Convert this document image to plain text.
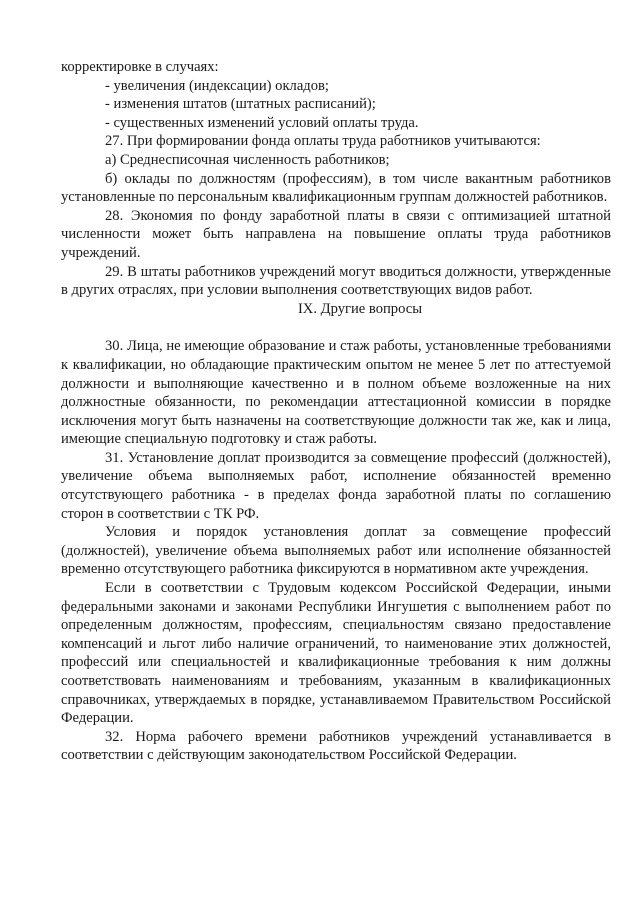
корректировке в случаях:

- увеличения (индексации) окладов;

- изменения штатов (штатных расписаний);

- существенных изменений условий оплаты труда.

27. При формировании фонда оплаты труда работников учитываются:

а) Среднесписочная численность работников;

б) оклады по должностям (профессиям), в том числе вакантным работников установленные по персональным квалификационным группам должностей работников.

28. Экономия по фонду заработной платы в связи с оптимизацией штатной численности может быть направлена на повышение оплаты труда работников учреждений.

29. В штаты работников учреждений могут вводиться должности, утвержденные в других отраслях, при условии выполнения соответствующих видов работ.

IX. Другие вопросы

30. Лица, не имеющие образование и стаж работы, установленные требованиями к квалификации, но обладающие практическим опытом не менее 5 лет по аттестуемой должности и выполняющие качественно и в полном объеме возложенные на них должностные обязанности, по рекомендации аттестационной комиссии в порядке исключения могут быть назначены на соответствующие должности так же, как и лица, имеющие специальную подготовку и стаж работы.

31. Установление доплат производится за совмещение профессий (должностей), увеличение объема выполняемых работ, исполнение обязанностей временно отсутствующего работника - в пределах фонда заработной платы по соглашению сторон в соответствии с ТК РФ.

Условия и порядок установления доплат за совмещение профессий (должностей), увеличение объема выполняемых работ или исполнение обязанностей временно отсутствующего работника фиксируются в нормативном акте учреждения.

Если в соответствии с Трудовым кодексом Российской Федерации, иными федеральными законами и законами Республики Ингушетия с выполнением работ по определенным должностям, профессиям, специальностям связано предоставление компенсаций и льгот либо наличие ограничений, то наименование этих должностей, профессий или специальностей и квалификационные требования к ним должны соответствовать наименованиям и требованиям, указанным в квалификационных справочниках, утверждаемых в порядке, устанавливаемом Правительством Российской Федерации.

32. Норма рабочего времени работников учреждений устанавливается в соответствии с действующим законодательством Российской Федерации.
